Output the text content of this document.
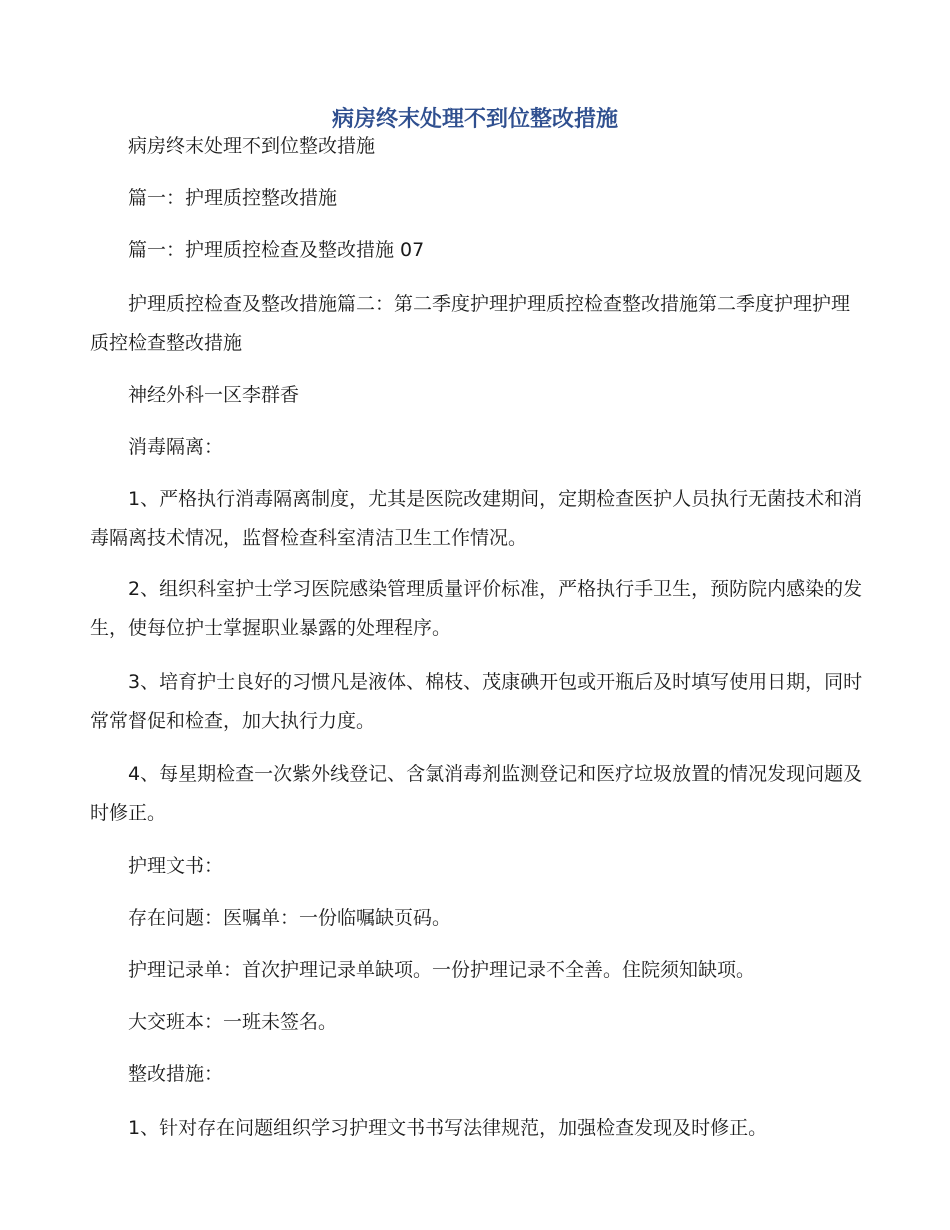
病房终末处理不到位整改措施

病房终末处理不到位整改措施

篇一：护理质控整改措施

篇一：护理质控检查及整改措施 07

护理质控检查及整改措施篇二：第二季度护理护理质控检查整改措施第二季度护理护理质控检查整改措施

神经外科一区李群香

消毒隔离：

1、严格执行消毒隔离制度，尤其是医院改建期间，定期检查医护人员执行无菌技术和消毒隔离技术情况，监督检查科室清洁卫生工作情况。

2、组织科室护士学习医院感染管理质量评价标准，严格执行手卫生，预防院内感染的发生，使每位护士掌握职业暴露的处理程序。

3、培育护士良好的习惯凡是液体、棉枝、茂康碘开包或开瓶后及时填写使用日期，同时常常督促和检查，加大执行力度。

4、每星期检查一次紫外线登记、含氯消毒剂监测登记和医疗垃圾放置的情况发现问题及时修正。

护理文书：

存在问题：医嘱单：一份临嘱缺页码。

护理记录单：首次护理记录单缺项。一份护理记录不全善。住院须知缺项。

大交班本：一班未签名。

整改措施：

1、针对存在问题组织学习护理文书书写法律规范，加强检查发现及时修正。
